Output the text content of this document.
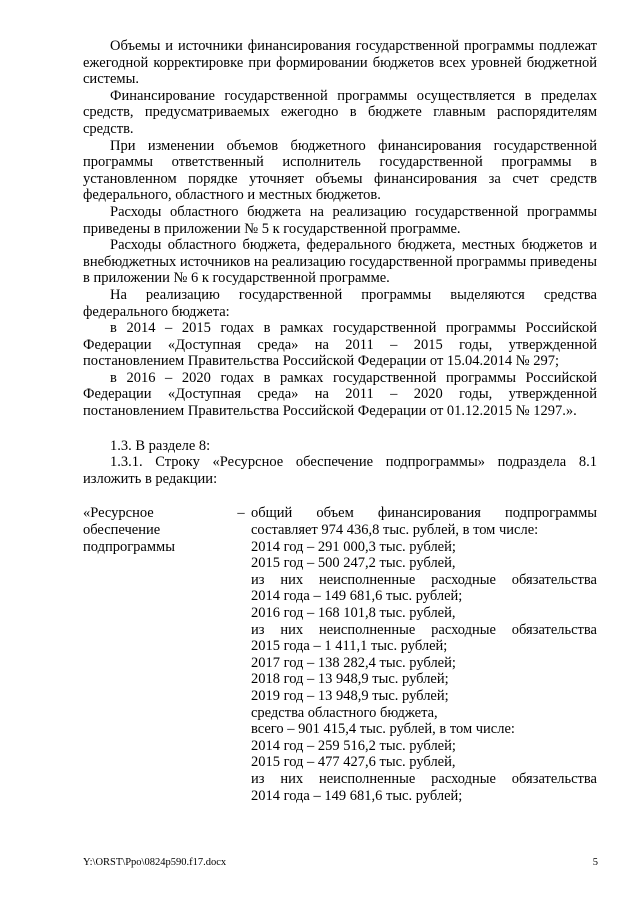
Объемы и источники финансирования государственной программы подлежат ежегодной корректировке при формировании бюджетов всех уровней бюджетной системы.

Финансирование государственной программы осуществляется в пределах средств, предусматриваемых ежегодно в бюджете главным распорядителям средств.

При изменении объемов бюджетного финансирования государственной программы ответственный исполнитель государственной программы в установленном порядке уточняет объемы финансирования за счет средств федерального, областного и местных бюджетов.

Расходы областного бюджета на реализацию государственной программы приведены в приложении № 5 к государственной программе.

Расходы областного бюджета, федерального бюджета, местных бюджетов и внебюджетных источников на реализацию государственной программы приведены в приложении № 6 к государственной программе.

На реализацию государственной программы выделяются средства федерального бюджета:

в 2014 – 2015 годах в рамках государственной программы Российской Федерации «Доступная среда» на 2011 – 2015 годы, утвержденной постановлением Правительства Российской Федерации от 15.04.2014 № 297;

в 2016 – 2020 годах в рамках государственной программы Российской Федерации «Доступная среда» на 2011 – 2020 годы, утвержденной постановлением Правительства Российской Федерации от 01.12.2015 № 1297.».

1.3. В разделе 8:

1.3.1. Строку «Ресурсное обеспечение подпрограммы» подраздела 8.1 изложить в редакции:

«Ресурсное обеспечение подпрограммы
– общий объем финансирования подпрограммы
составляет 974 436,8 тыс. рублей, в том числе:
2014 год – 291 000,3 тыс. рублей;
2015 год – 500 247,2 тыс. рублей,
из них неисполненные расходные обязательства
2014 года – 149 681,6 тыс. рублей;
2016 год – 168 101,8 тыс. рублей,
из них неисполненные расходные обязательства
2015 года – 1 411,1 тыс. рублей;
2017 год – 138 282,4 тыс. рублей;
2018 год – 13 948,9 тыс. рублей;
2019 год – 13 948,9 тыс. рублей;
средства областного бюджета,
всего – 901 415,4 тыс. рублей, в том числе:
2014 год – 259 516,2 тыс. рублей;
2015 год – 477 427,6 тыс. рублей,
из них неисполненные расходные обязательства
2014 года – 149 681,6 тыс. рублей;
Y:\ORST\Ppo\0824p590.f17.docx	5
